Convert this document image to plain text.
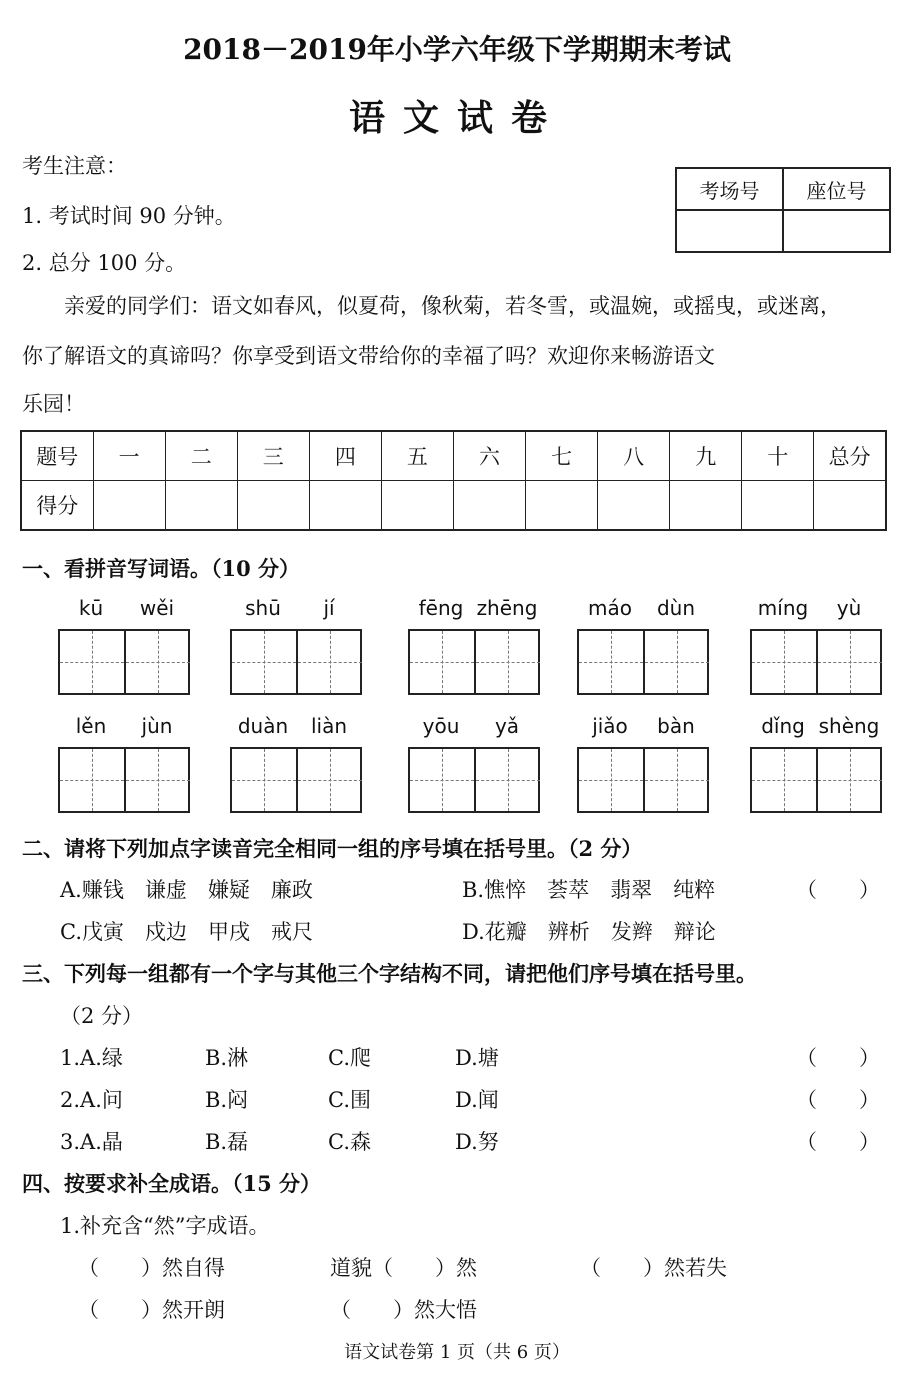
2018－2019年小学六年级下学期期末考试
语文试卷
考生注意：
1. 考试时间 90 分钟。
2. 总分 100 分。
考场号	座位号

亲爱的同学们：语文如春风，似夏荷，像秋菊，若冬雪，或温婉，或摇曳，或迷离，
你了解语文的真谛吗？你享受到语文带给你的幸福了吗？欢迎你来畅游语文
乐园！
题号	一	二	三	四	五	六	七	八	九	十	总分
得分											
一、看拼音写词语。（10 分）
kū	wěi	shū	jí	fēng zhēng	máo	dùn	míng	yù
lěn	jùn	duàn	liàn	yōu	yǎ	jiǎo	bàn	dǐng shèng
二、请将下列加点字读音完全相同一组的序号填在括号里。（2 分）
A.赚钱　谦虚　嫌疑　廉政	B.憔悴　荟萃　翡翠　纯粹	（　　）
C.戊寅　戍边　甲戌　戒尺	D.花瓣　辨析　发辫　辩论
三、下列每一组都有一个字与其他三个字结构不同，请把他们序号填在括号里。
（2 分）
1.A.绿	B.淋	C.爬	D.塘	（　　）
2.A.问	B.闷	C.围	D.闻	（　　）
3.A.晶	B.磊	C.森	D.努	（　　）
四、按要求补全成语。（15 分）
1.补充含“然”字成语。
（　　）然自得	道貌（　　）然	（　　）然若失
（　　）然开朗	（　　）然大悟
语文试卷第 1 页（共 6 页）
